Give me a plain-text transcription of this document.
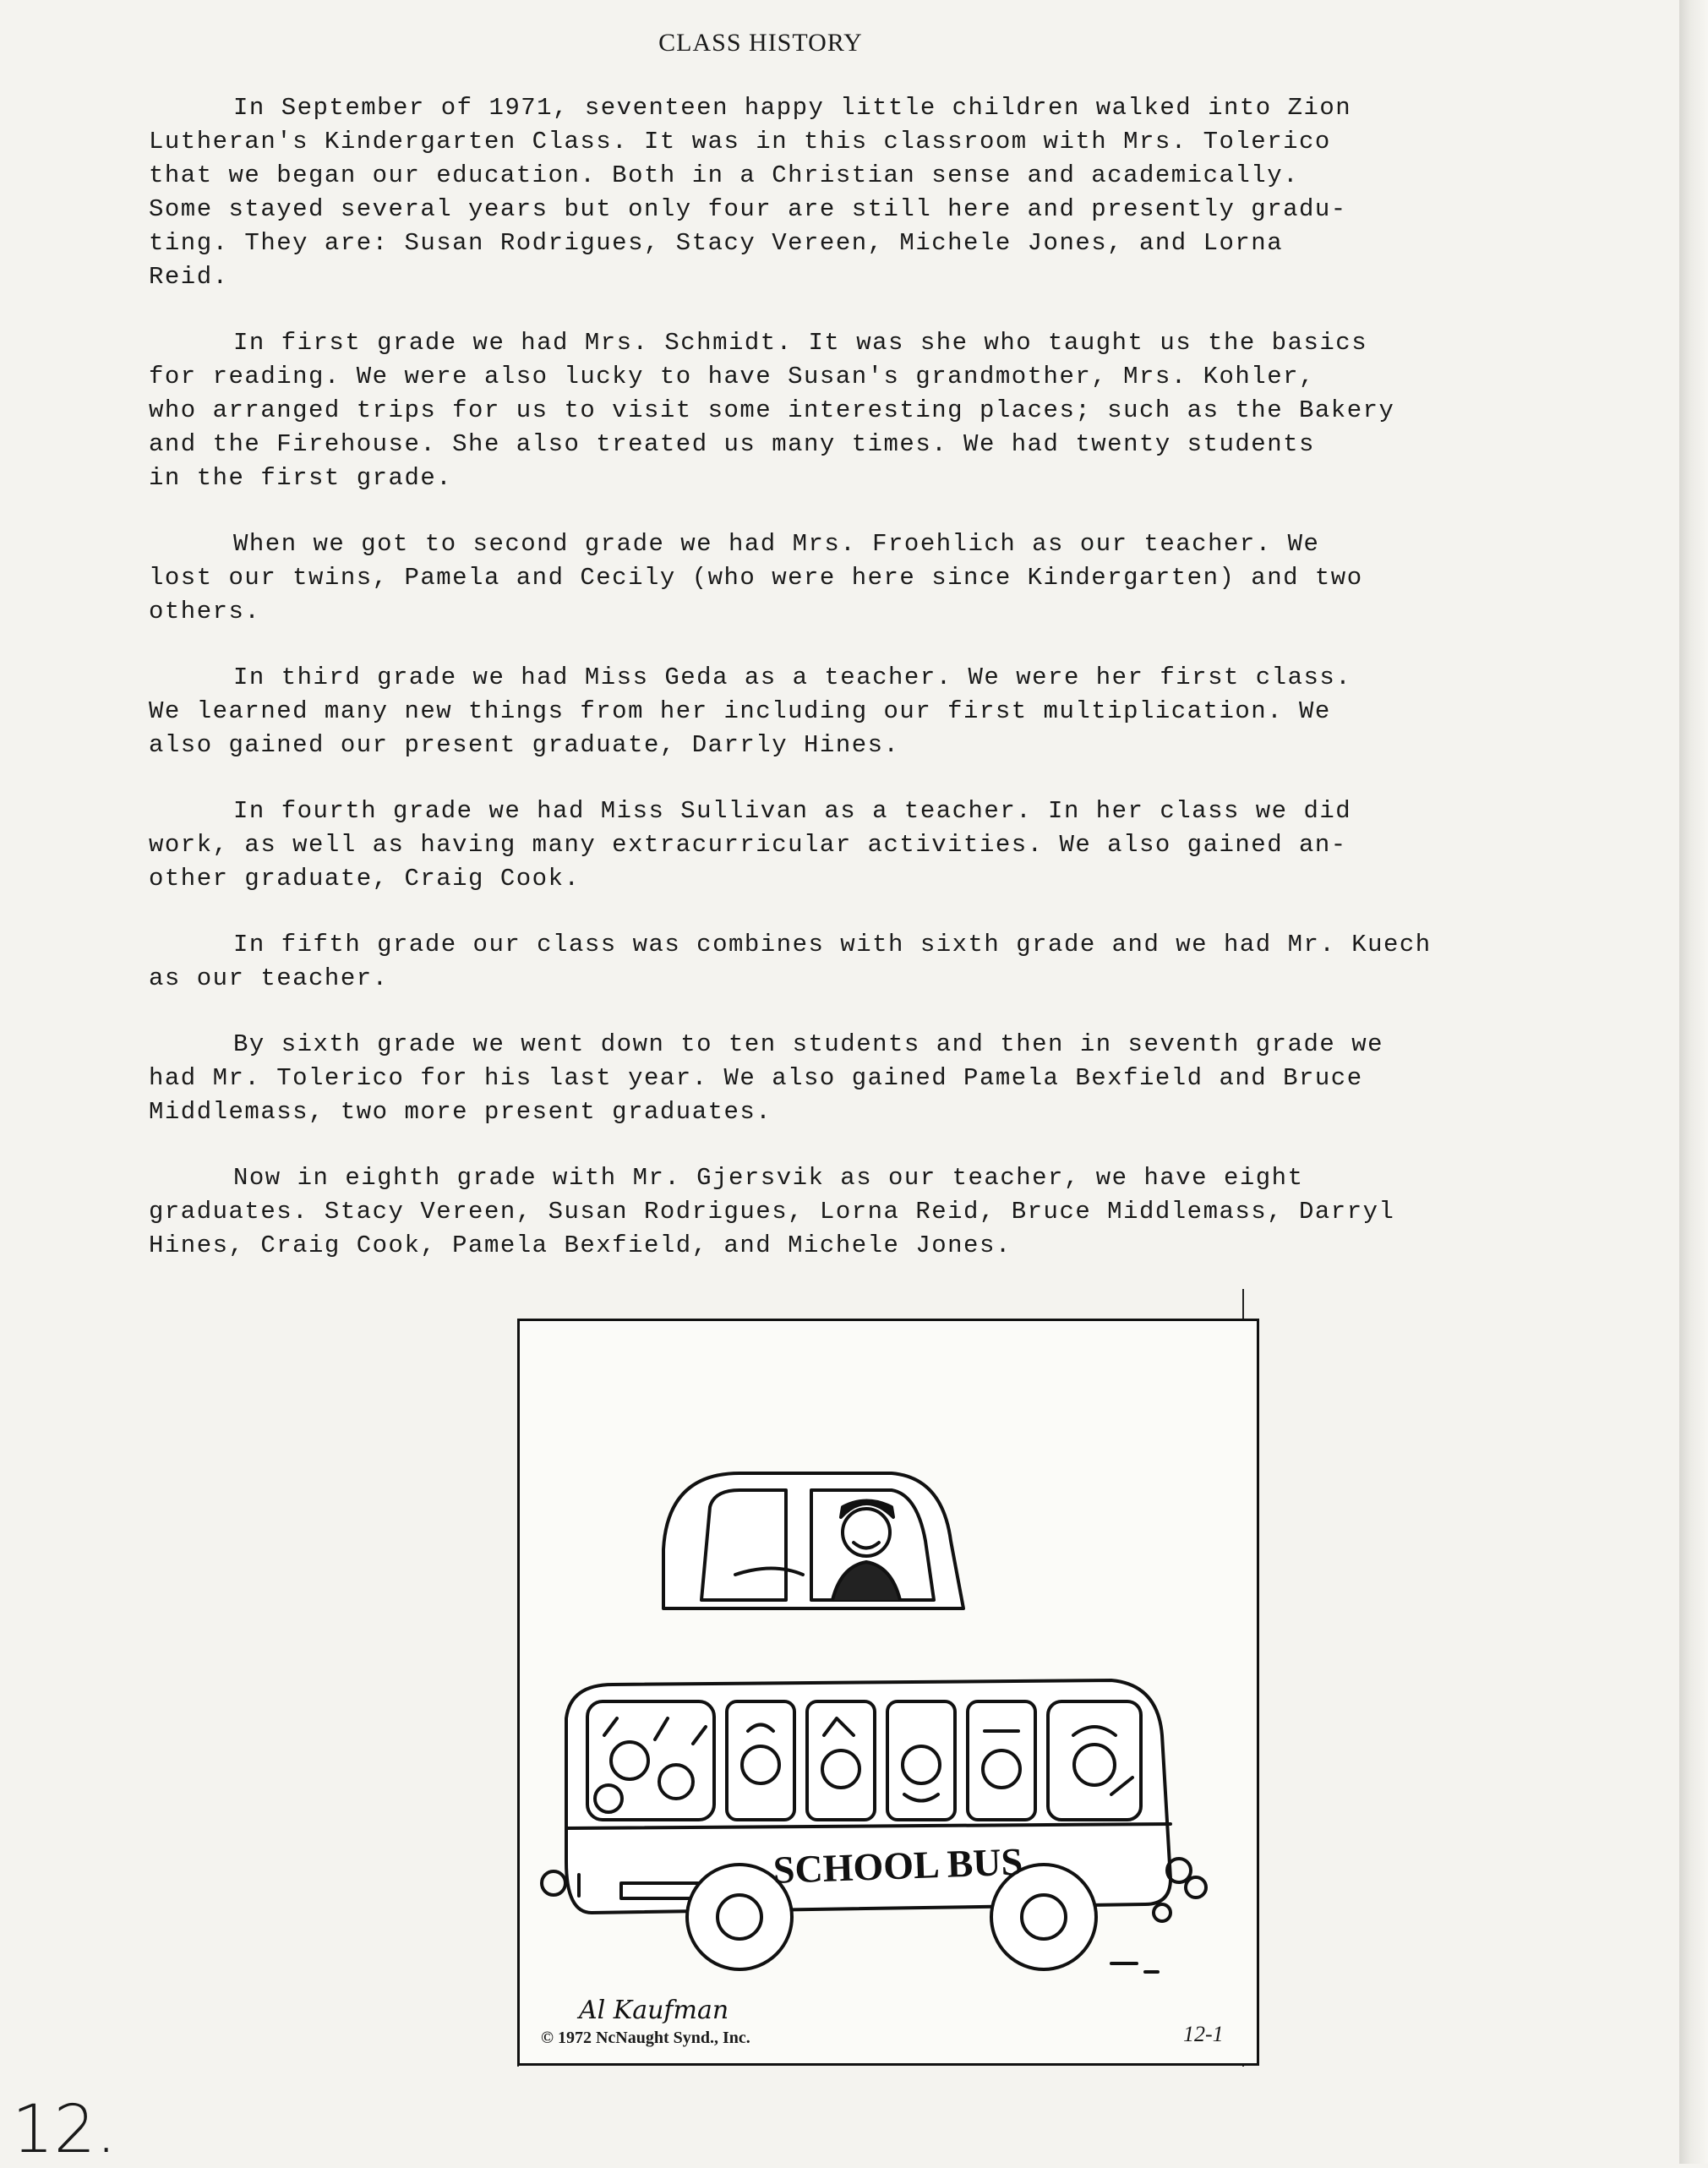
CLASS HISTORY

In September of 1971, seventeen happy little children walked into Zion
Lutheran's Kindergarten Class. It was in this classroom with Mrs. Tolerico
that we began our education. Both in a Christian sense and academically.
Some stayed several years but only four are still here and presently gradu-
ting. They are: Susan Rodrigues, Stacy Vereen, Michele Jones, and Lorna
Reid.

In first grade we had Mrs. Schmidt. It was she who taught us the basics
for reading. We were also lucky to have Susan's grandmother, Mrs. Kohler,
who arranged trips for us to visit some interesting places; such as the Bakery
and the Firehouse. She also treated us many times. We had twenty students
in the first grade.

When we got to second grade we had Mrs. Froehlich as our teacher. We
lost our twins, Pamela and Cecily (who were here since Kindergarten) and two
others.

In third grade we had Miss Geda as a teacher. We were her first class.
We learned many new things from her including our first multiplication. We
also gained our present graduate, Darrly Hines.

In fourth grade we had Miss Sullivan as a teacher. In her class we did
work, as well as having many extracurricular activities. We also gained an-
other graduate, Craig Cook.

In fifth grade our class was combines with sixth grade and we had Mr. Kuech
as our teacher.

By sixth grade we went down to ten students and then in seventh grade we
had Mr. Tolerico for his last year. We also gained Pamela Bexfield and Bruce
Middlemass, two more present graduates.

Now in eighth grade with Mr. Gjersvik as our teacher, we have eight
graduates. Stacy Vereen, Susan Rodrigues, Lorna Reid, Bruce Middlemass, Darryl
Hines, Craig Cook, Pamela Bexfield, and Michele Jones.

SCHOOL BUS
Al Kaufman
© 1972 NcNaught Synd., Inc.	12-1
12.
